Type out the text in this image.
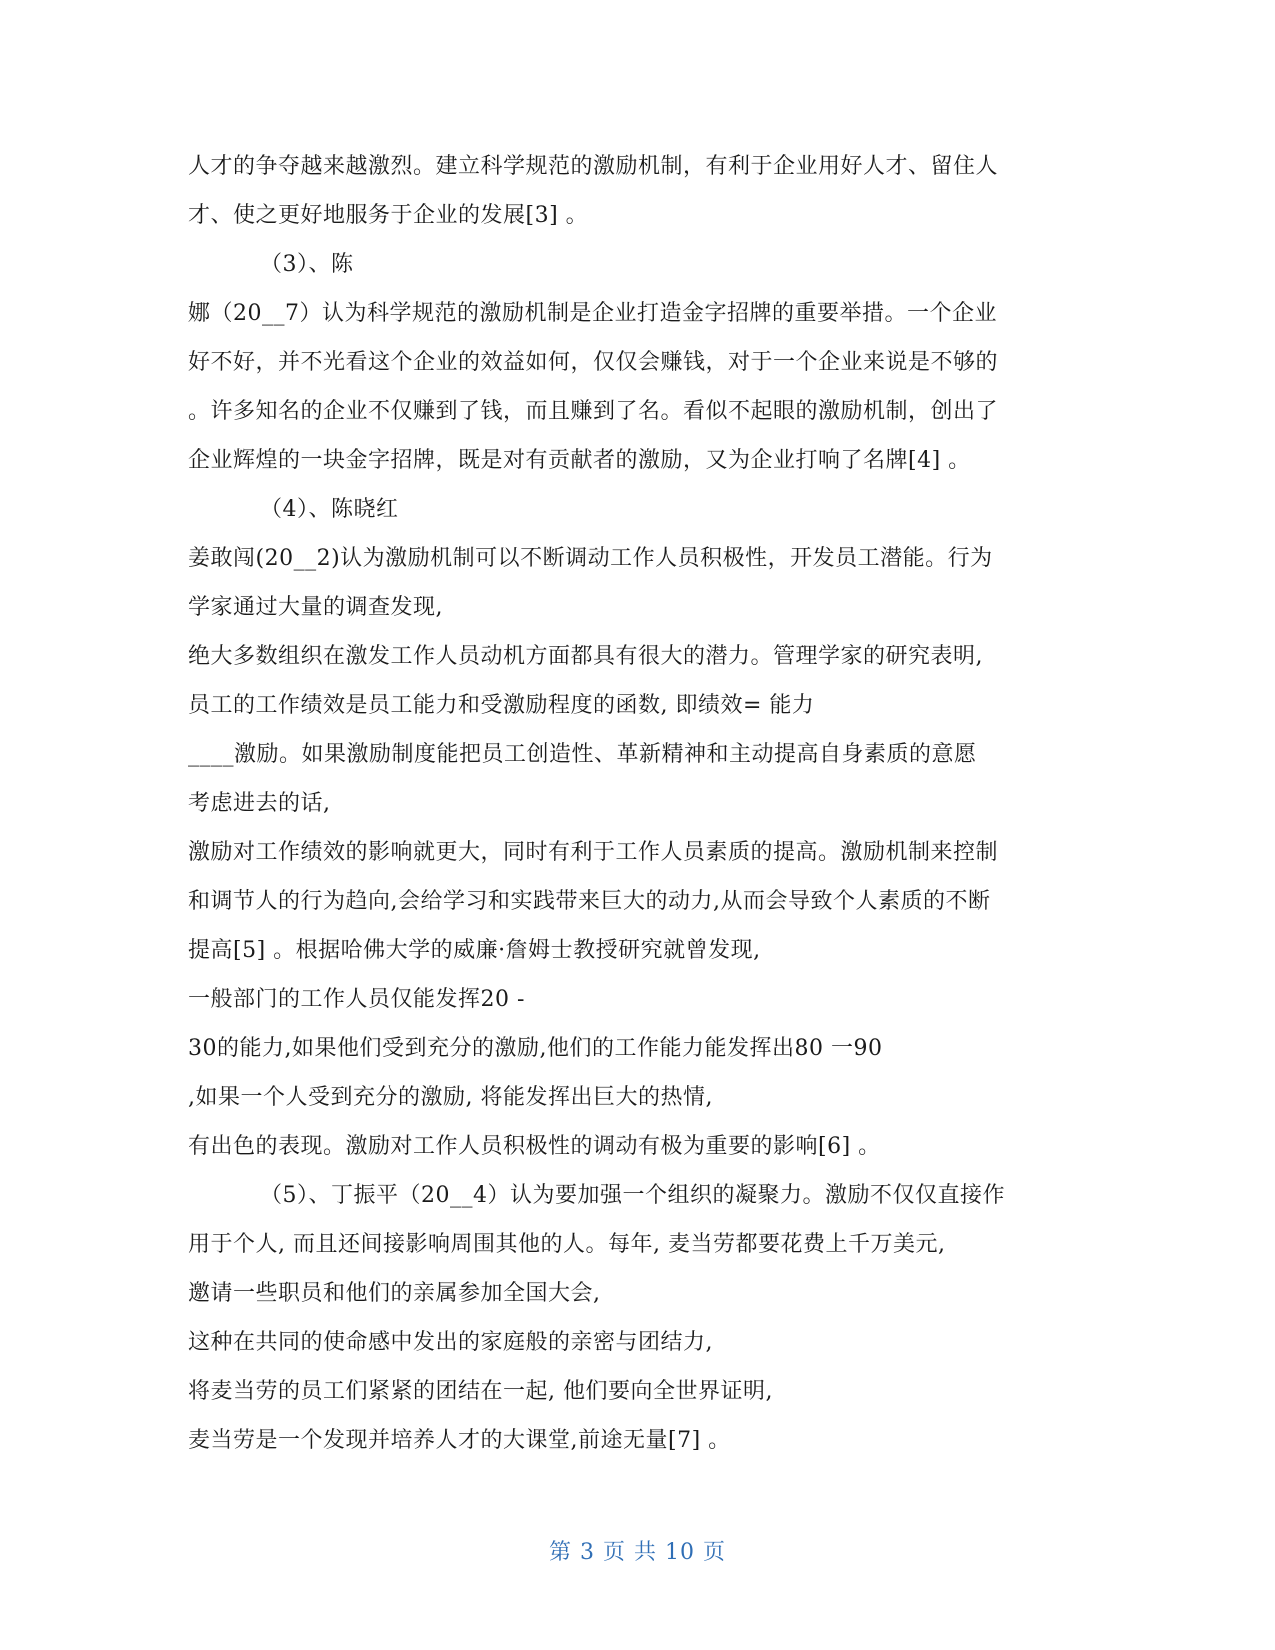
人才的争夺越来越激烈。建立科学规范的激励机制，有利于企业用好人才、留住人
才、使之更好地服务于企业的发展[3] 。
（3）、陈
娜（20__7）认为科学规范的激励机制是企业打造金字招牌的重要举措。一个企业
好不好，并不光看这个企业的效益如何，仅仅会赚钱，对于一个企业来说是不够的
。许多知名的企业不仅赚到了钱，而且赚到了名。看似不起眼的激励机制，创出了
企业辉煌的一块金字招牌，既是对有贡献者的激励，又为企业打响了名牌[4] 。
（4）、陈晓红
姜敢闯(20__2)认为激励机制可以不断调动工作人员积极性，开发员工潜能。行为
学家通过大量的调查发现,
绝大多数组织在激发工作人员动机方面都具有很大的潜力。管理学家的研究表明,
员工的工作绩效是员工能力和受激励程度的函数, 即绩效= 能力
____激励。如果激励制度能把员工创造性、革新精神和主动提高自身素质的意愿
考虑进去的话,
激励对工作绩效的影响就更大，同时有利于工作人员素质的提高。激励机制来控制
和调节人的行为趋向,会给学习和实践带来巨大的动力,从而会导致个人素质的不断
提高[5] 。根据哈佛大学的威廉·詹姆士教授研究就曾发现,
一般部门的工作人员仅能发挥20 -
30的能力,如果他们受到充分的激励,他们的工作能力能发挥出80 一90
,如果一个人受到充分的激励, 将能发挥出巨大的热情,
有出色的表现。激励对工作人员积极性的调动有极为重要的影响[6] 。
（5）、丁振平（20__4）认为要加强一个组织的凝聚力。激励不仅仅直接作
用于个人, 而且还间接影响周围其他的人。每年, 麦当劳都要花费上千万美元,
邀请一些职员和他们的亲属参加全国大会,
这种在共同的使命感中发出的家庭般的亲密与团结力,
将麦当劳的员工们紧紧的团结在一起, 他们要向全世界证明,
麦当劳是一个发现并培养人才的大课堂,前途无量[7] 。
第 3 页 共 10 页
